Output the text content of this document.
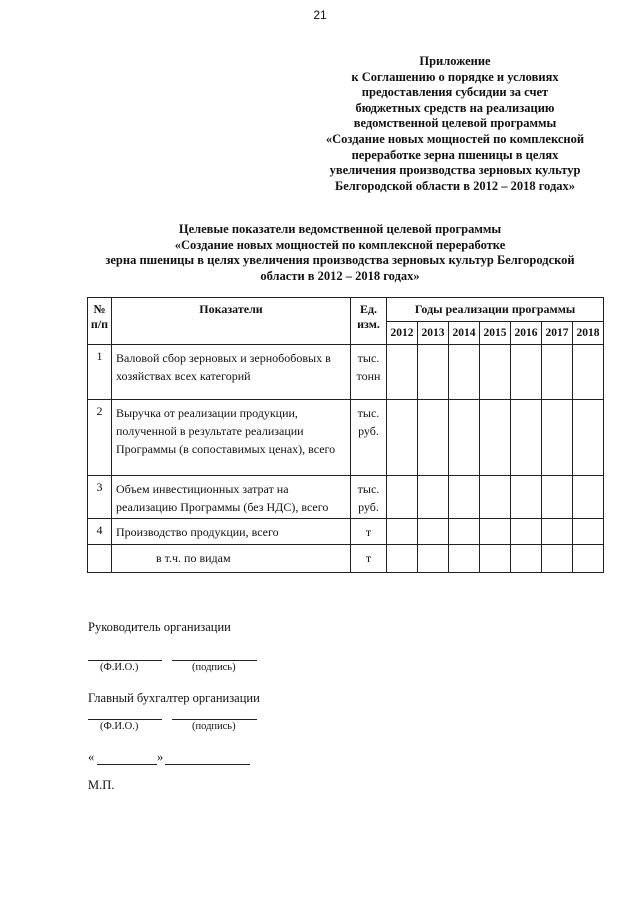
21
Приложение
к Соглашению о порядке и условиях
предоставления субсидии за счет
бюджетных средств на реализацию
ведомственной целевой программы
«Создание новых мощностей по комплексной
переработке зерна пшеницы в целях
увеличения производства зерновых культур
Белгородской области в 2012 – 2018 годах»
Целевые показатели ведомственной целевой программы
«Создание новых мощностей по комплексной переработке
зерна пшеницы в целях увеличения производства зерновых культур Белгородской
области в 2012 – 2018 годах»
№ п/п	Показатели	Ед. изм.	Годы реализации программы						
			2012	2013	2014	2015	2016	2017	2018
1	Валовой сбор зерновых и зернобобовых в хозяйствах всех категорий	тыс. тонн							
2	Выручка от реализации продукции, полученной в результате реализации Программы (в сопоставимых ценах), всего	тыс. руб.							
3	Объем инвестиционных затрат на реализацию Программы (без НДС), всего	тыс. руб.							
4	Производство продукции, всего	т							
	в т.ч. по видам	т							
Руководитель организации
(Ф.И.О.)	(подпись)
Главный бухгалтер организации
(Ф.И.О.)	(подпись)
«	»
М.П.
